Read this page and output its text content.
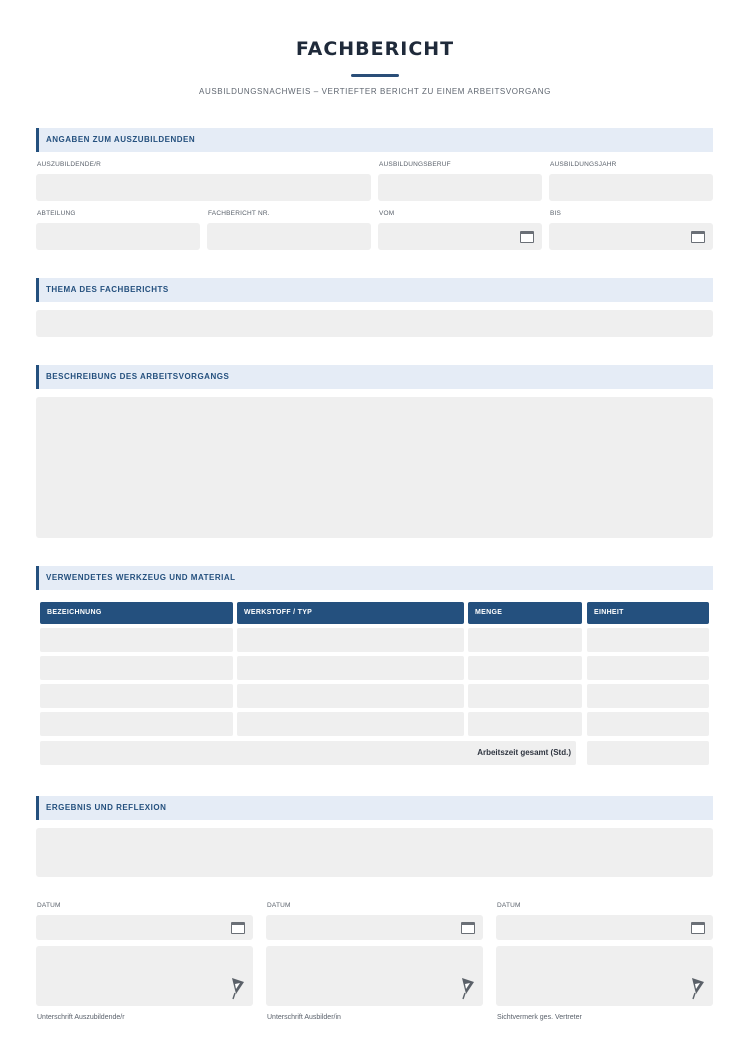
FACHBERICHT
AUSBILDUNGSNACHWEIS – VERTIEFTER BERICHT ZU EINEM ARBEITSVORGANG
ANGABEN ZUM AUSZUBILDENDEN
AUSZUBILDENDE/R	AUSBILDUNGSBERUF	AUSBILDUNGSJAHR
ABTEILUNG	FACHBERICHT NR.	VOM	BIS
THEMA DES FACHBERICHTS
BESCHREIBUNG DES ARBEITSVORGANGS
VERWENDETES WERKZEUG UND MATERIAL
BEZEICHNUNG	WERKSTOFF / TYP	MENGE	EINHEIT
Arbeitszeit gesamt (Std.)
ERGEBNIS UND REFLEXION
DATUM	DATUM	DATUM
Unterschrift Auszubildende/r	Unterschrift Ausbilder/in	Sichtvermerk ges. Vertreter
